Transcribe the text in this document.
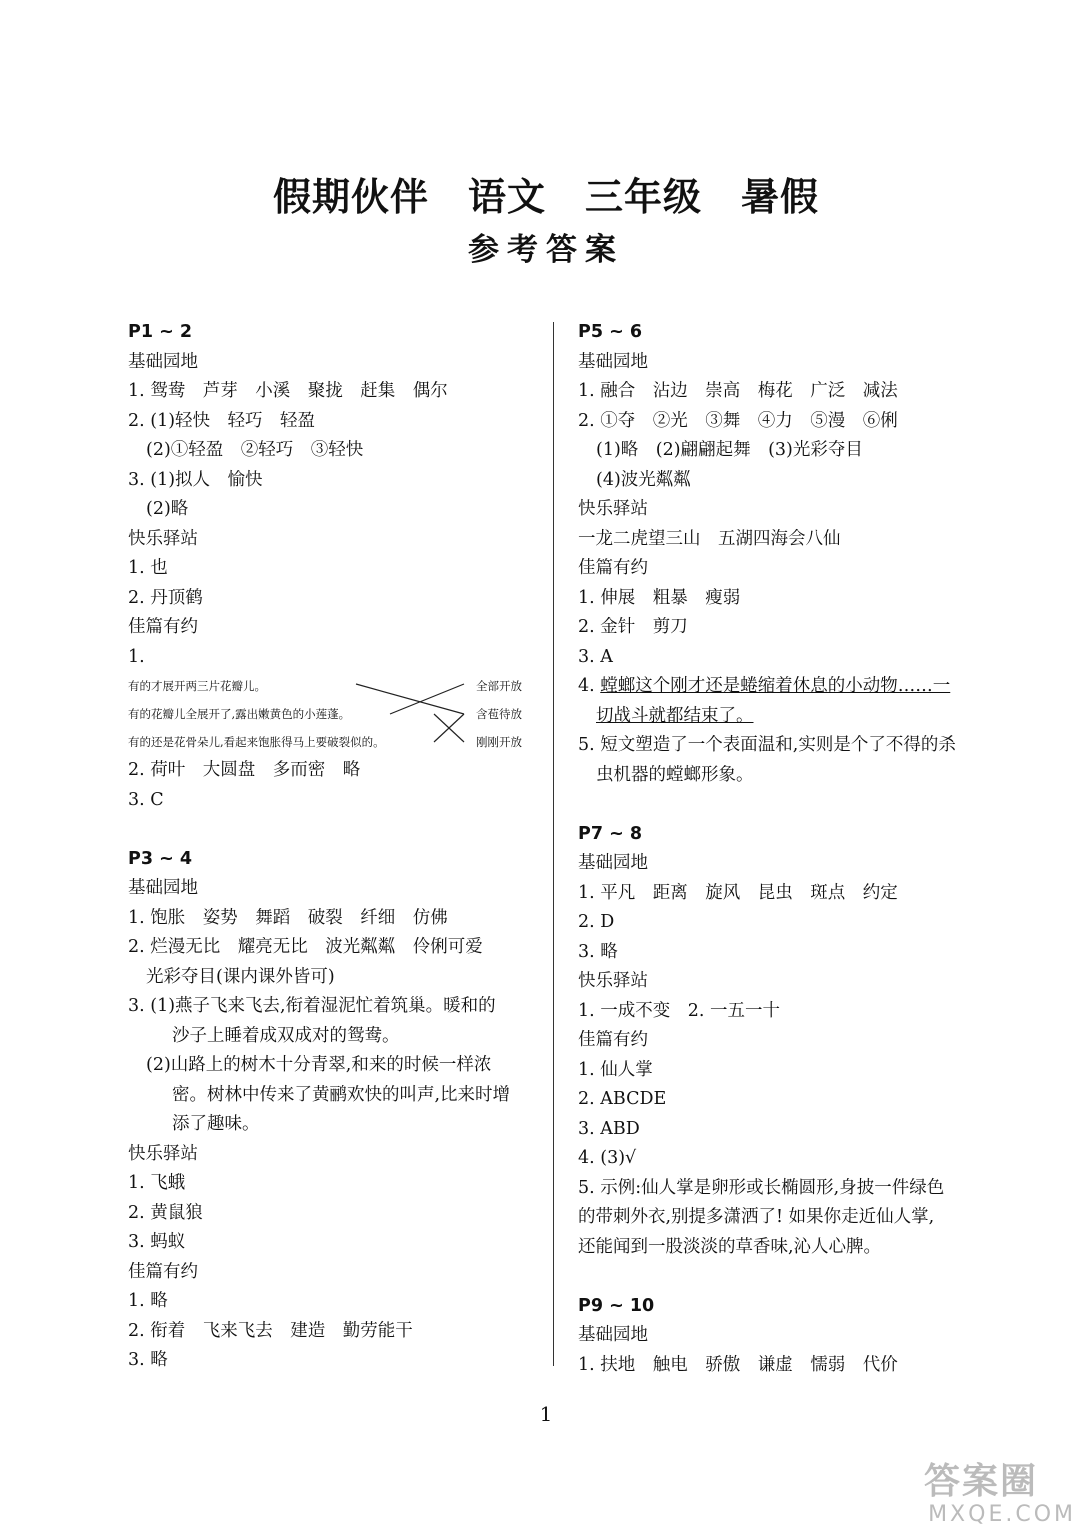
假期伙伴　语文　三年级　暑假
参考答案
P1 ~ 2
基础园地
1. 鸳鸯　芦芽　小溪　聚拢　赶集　偶尔
2. (1)轻快　轻巧　轻盈
(2)①轻盈　②轻巧　③轻快
3. (1)拟人　愉快
(2)略
快乐驿站
1. 也
2. 丹顶鹤
佳篇有约
1.
有的才展开两三片花瓣儿。
有的花瓣儿全展开了,露出嫩黄色的小莲蓬。
有的还是花骨朵儿,看起来饱胀得马上要破裂似的。
全部开放
含苞待放
刚刚开放
2. 荷叶　大圆盘　多而密　略
3. C
P3 ~ 4
基础园地
1. 饱胀　姿势　舞蹈　破裂　纤细　仿佛
2. 烂漫无比　耀亮无比　波光粼粼　伶俐可爱
光彩夺目(课内课外皆可)
3. (1)燕子飞来飞去,衔着湿泥忙着筑巢。暖和的
沙子上睡着成双成对的鸳鸯。
(2)山路上的树木十分青翠,和来的时候一样浓
密。树林中传来了黄鹂欢快的叫声,比来时增
添了趣味。
快乐驿站
1. 飞蛾
2. 黄鼠狼
3. 蚂蚁
佳篇有约
1. 略
2. 衔着　飞来飞去　建造　勤劳能干
3. 略
P5 ~ 6
基础园地
1. 融合　沾边　崇高　梅花　广泛　减法
2. ①夺　②光　③舞　④力　⑤漫　⑥俐
(1)略　(2)翩翩起舞　(3)光彩夺目
(4)波光粼粼
快乐驿站
一龙二虎望三山　五湖四海会八仙
佳篇有约
1. 伸展　粗暴　瘦弱
2. 金针　剪刀
3. A
4. 螳螂这个刚才还是蜷缩着休息的小动物……一
切战斗就都结束了。
5. 短文塑造了一个表面温和,实则是个了不得的杀
虫机器的螳螂形象。
P7 ~ 8
基础园地
1. 平凡　距离　旋风　昆虫　斑点　约定
2. D
3. 略
快乐驿站
1. 一成不变　2. 一五一十
佳篇有约
1. 仙人掌
2. ABCDE
3. ABD
4. (3)√
5. 示例:仙人掌是卵形或长椭圆形,身披一件绿色
的带刺外衣,别提多潇洒了! 如果你走近仙人掌,
还能闻到一股淡淡的草香味,沁人心脾。
P9 ~ 10
基础园地
1. 扶地　触电　骄傲　谦虚　懦弱　代价
1
答案圈
MXQE.COM
